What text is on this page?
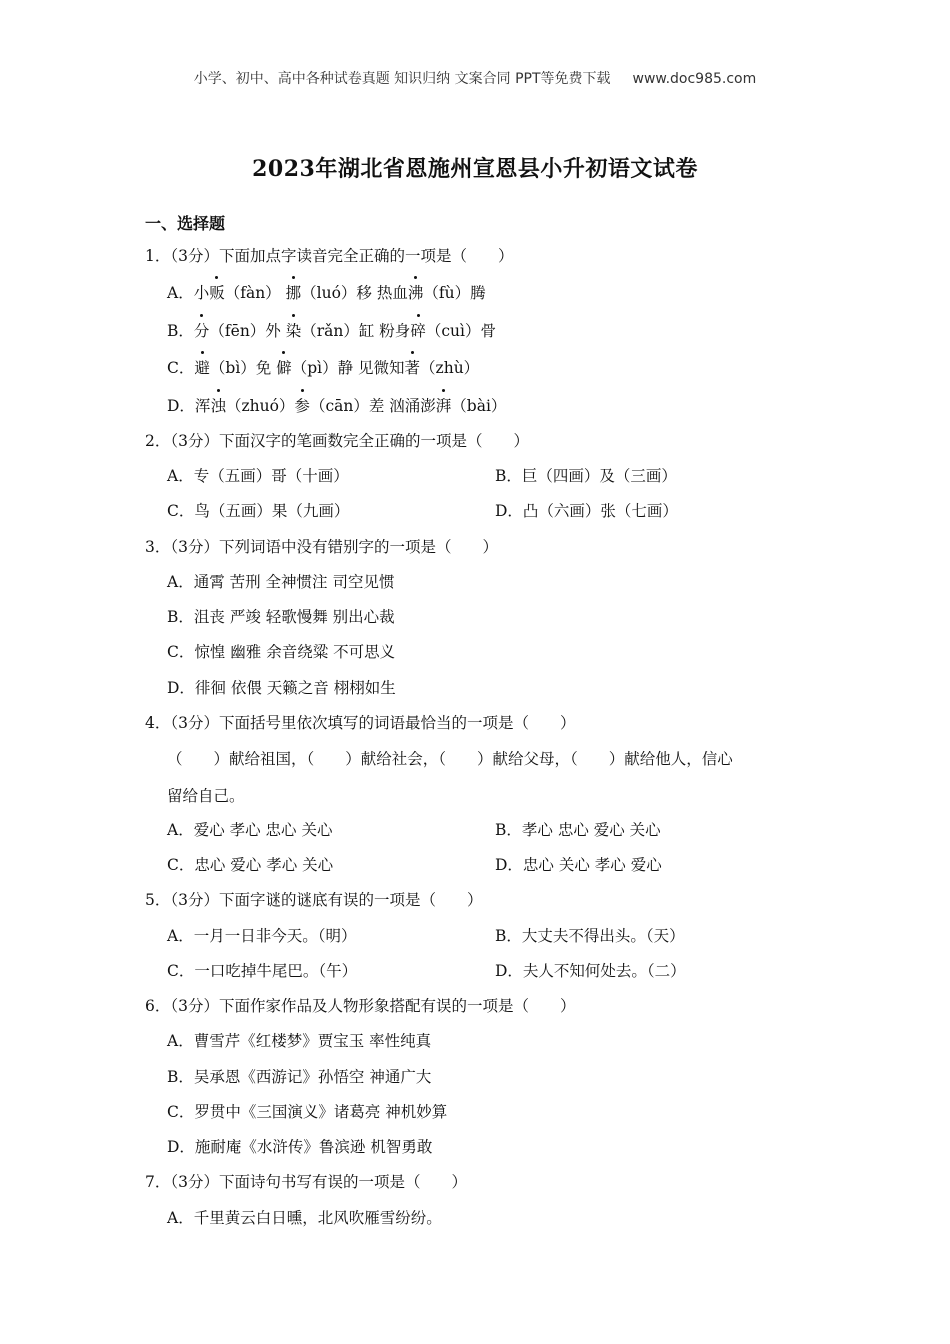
小学、初中、高中各种试卷真题 知识归纳 文案合同 PPT等免费下载 www.doc985.com
2023年湖北省恩施州宣恩县小升初语文试卷
一、选择题
1．（3分）下面加点字读音完全正确的一项是（　　）
A．小贩（fàn） 挪（luó）移 热血沸（fù）腾
B．分（fēn）外 染（rǎn）缸 粉身碎（cuì）骨
C．避（bì）免 僻（pì）静 见微知著（zhù）
D．浑浊（zhuó）参（cān）差 汹涌澎湃（bài）
2．（3分）下面汉字的笔画数完全正确的一项是（　　）
A．专（五画）哥（十画）	B．巨（四画）及（三画）
C．鸟（五画）果（九画）	D．凸（六画）张（七画）
3．（3分）下列词语中没有错别字的一项是（　　）
A．通霄 苦刑 全神惯注 司空见惯
B．沮丧 严竣 轻歌慢舞 别出心裁
C．惊惶 幽雅 余音绕粱 不可思义
D．徘徊 依偎 天籁之音 栩栩如生
4．（3分）下面括号里依次填写的词语最恰当的一项是（　　）
（　　）献给祖国，（　　）献给社会，（　　）献给父母，（　　）献给他人，信心
留给自己。
A．爱心 孝心 忠心 关心	B．孝心 忠心 爱心 关心
C．忠心 爱心 孝心 关心	D．忠心 关心 孝心 爱心
5．（3分）下面字谜的谜底有误的一项是（　　）
A．一月一日非今天。（明）	B．大丈夫不得出头。（天）
C．一口吃掉牛尾巴。（午）	D．夫人不知何处去。（二）
6．（3分）下面作家作品及人物形象搭配有误的一项是（　　）
A．曹雪芹《红楼梦》贾宝玉 率性纯真
B．吴承恩《西游记》孙悟空 神通广大
C．罗贯中《三国演义》诸葛亮 神机妙算
D．施耐庵《水浒传》鲁滨逊 机智勇敢
7．（3分）下面诗句书写有误的一项是（　　）
A．千里黄云白日曛，北风吹雁雪纷纷。
